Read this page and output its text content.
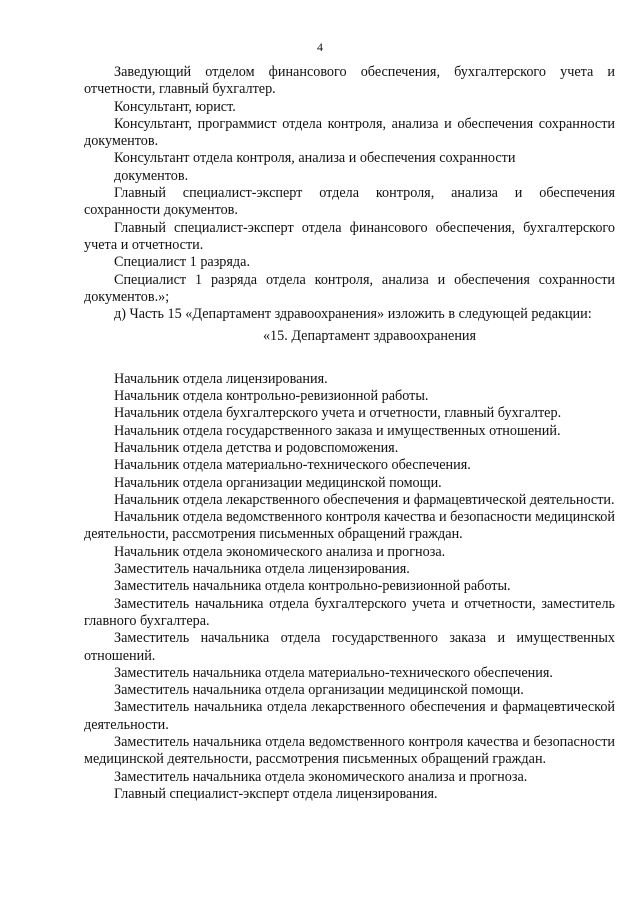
4

Заведующий отделом финансового обеспечения, бухгалтерского учета и отчетности, главный бухгалтер.

Консультант, юрист.

Консультант, программист отдела контроля, анализа и обеспечения сохранности документов.

Консультант отдела контроля, анализа и обеспечения сохранности
документов.

Главный специалист-эксперт отдела контроля, анализа и обеспечения сохранности документов.

Главный специалист-эксперт отдела финансового обеспечения, бухгалтерского учета и отчетности.

Специалист 1 разряда.

Специалист 1 разряда отдела контроля, анализа и обеспечения сохранности документов.»;

д) Часть 15 «Департамент здравоохранения» изложить в следующей редакции:

«15. Департамент здравоохранения

Начальник отдела лицензирования.

Начальник отдела контрольно-ревизионной работы.

Начальник отдела бухгалтерского учета и отчетности, главный бухгалтер.

Начальник отдела государственного заказа и имущественных отношений.

Начальник отдела детства и родовспоможения.

Начальник отдела материально-технического обеспечения.

Начальник отдела организации медицинской помощи.

Начальник отдела лекарственного обеспечения и фармацевтической деятельности.

Начальник отдела ведомственного контроля качества и безопасности медицинской деятельности, рассмотрения письменных обращений граждан.

Начальник отдела экономического анализа и прогноза.

Заместитель начальника отдела лицензирования.

Заместитель начальника отдела контрольно-ревизионной работы.

Заместитель начальника отдела бухгалтерского учета и отчетности, заместитель главного бухгалтера.

Заместитель начальника отдела государственного заказа и имущественных отношений.

Заместитель начальника отдела материально-технического обеспечения.

Заместитель начальника отдела организации медицинской помощи.

Заместитель начальника отдела лекарственного обеспечения и фармацевтической деятельности.

Заместитель начальника отдела ведомственного контроля качества и безопасности медицинской деятельности, рассмотрения письменных обращений граждан.

Заместитель начальника отдела экономического анализа и прогноза.

Главный специалист-эксперт отдела лицензирования.
